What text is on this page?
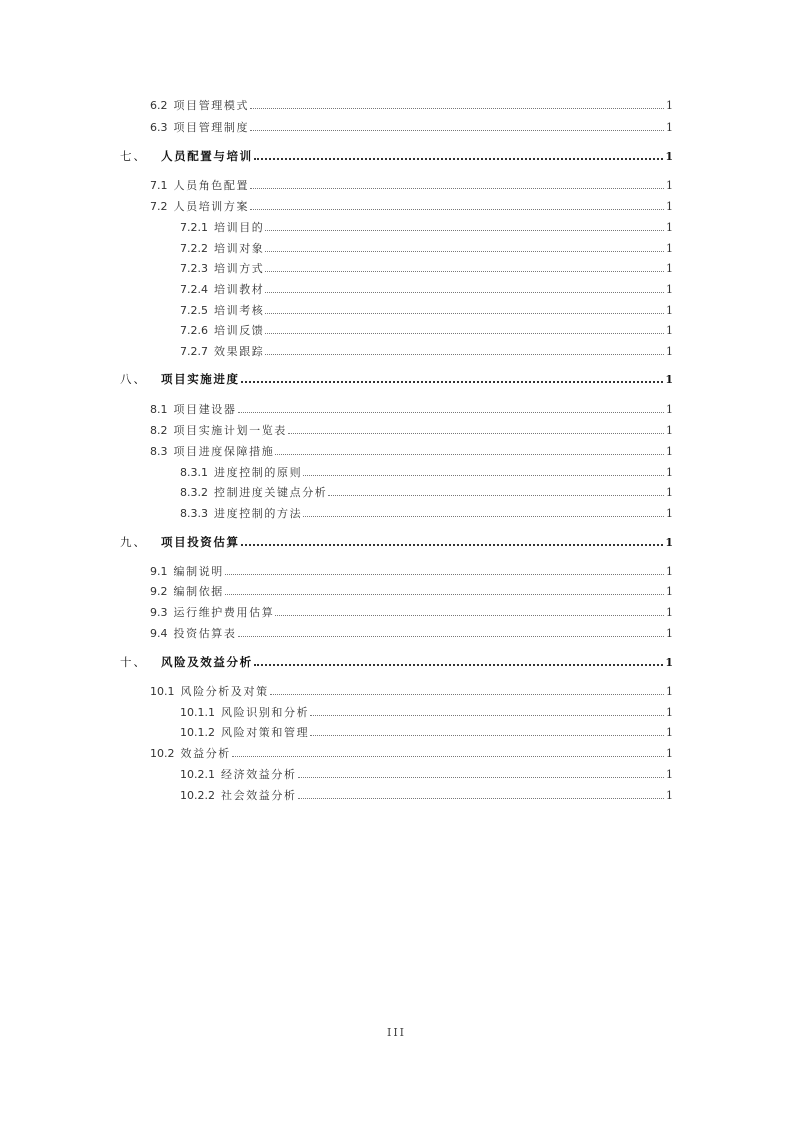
6.2 项目管理模式	1
6.3 项目管理制度	1
七、 人员配置与培训	1
7.1 人员角色配置	1
7.2 人员培训方案	1
7.2.1 培训目的	1
7.2.2 培训对象	1
7.2.3 培训方式	1
7.2.4 培训教材	1
7.2.5 培训考核	1
7.2.6 培训反馈	1
7.2.7 效果跟踪	1
八、 项目实施进度	1
8.1 项目建设器	1
8.2 项目实施计划一览表	1
8.3 项目进度保障措施	1
8.3.1 进度控制的原则	1
8.3.2 控制进度关键点分析	1
8.3.3 进度控制的方法	1
九、 项目投资估算	1
9.1 编制说明	1
9.2 编制依据	1
9.3 运行维护费用估算	1
9.4 投资估算表	1
十、 风险及效益分析	1
10.1 风险分析及对策	1
10.1.1 风险识别和分析	1
10.1.2 风险对策和管理	1
10.2 效益分析	1
10.2.1 经济效益分析	1
10.2.2 社会效益分析	1
III
